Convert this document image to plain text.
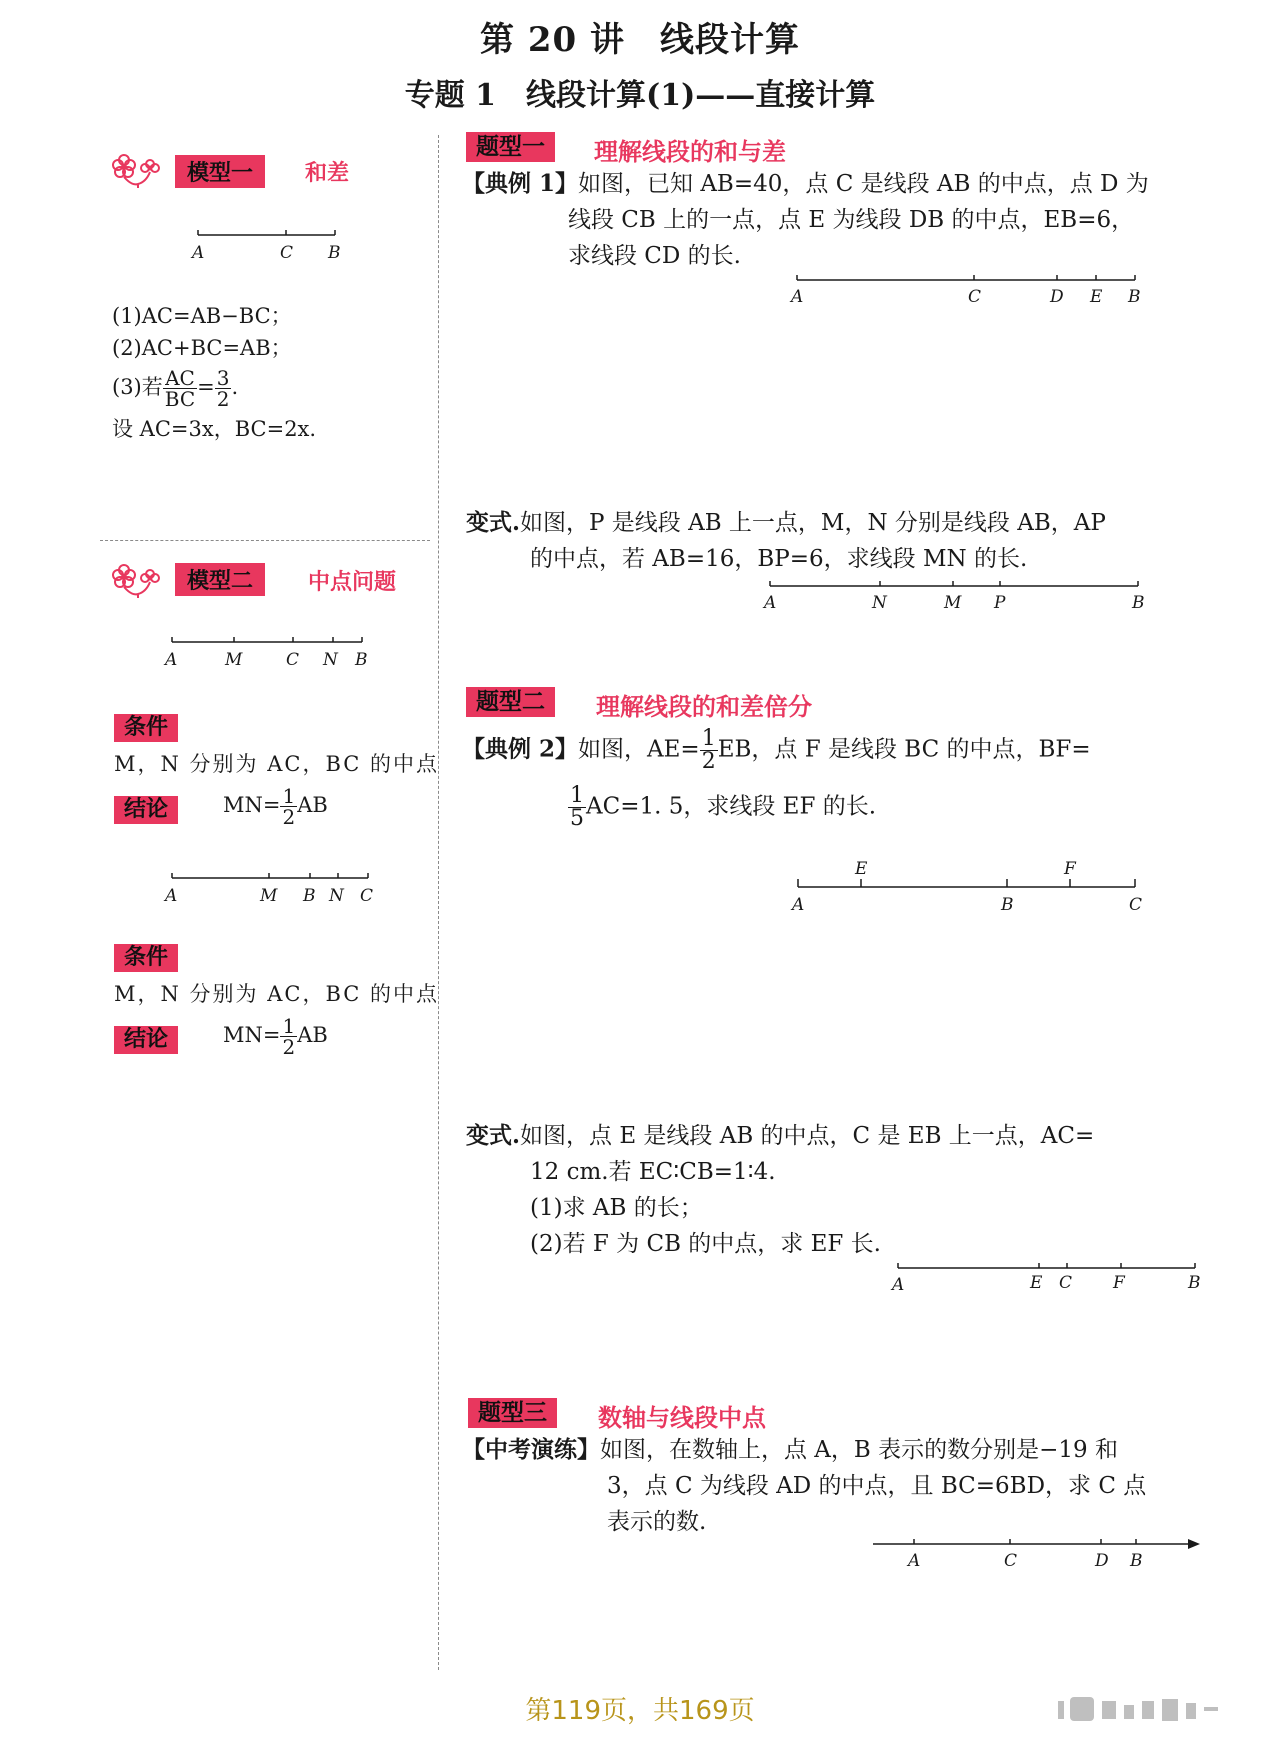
第 20 讲　线段计算
专题 1　线段计算(1)——直接计算
模型一	和差
A	C B
(1)AC=AB−BC；
(2)AC+BC=AB；
(3)若 $\frac{AC}{BC} = \frac{3}{2}$ .
设 AC=3x，BC=2x.
模型二	中点问题
A	M	C N B
条件
M，N 分别为 AC，BC 的中点
结论	$MN= \frac{1}{2}$ AB
A	M B N C
条件
M，N 分别为 AC，BC 的中点
结论	$MN= \frac{1}{2}$ AB
题型一	理解线段的和与差
【典例 1】如图，已知 AB=40，点 C 是线段 AB 的中点，点 D 为
线段 CB 上的一点，点 E 为线段 DB 的中点，EB=6，
求线段 CD 的长.
A	C	D E B
变式.如图，P 是线段 AB 上一点，M，N 分别是线段 AB，AP
的中点，若 AB=16，BP=6，求线段 MN 的长.
A	N	M P	B
题型二	理解线段的和差倍分
【典例 2】如图，$AE= \frac{1}{2}$ EB，点 F 是线段 BC 的中点，BF=
$\frac{1}{5} AC=1$. 5，求线段 EF 的长.
E	F
A	B	C
变式.如图，点 E 是线段 AB 的中点，C 是 EB 上一点，AC=
12 cm.若 EC∶CB=1∶4.
(1)求 AB 的长；
(2)若 F 为 CB 的中点，求 EF 长.
A	E C F	B
题型三	数轴与线段中点
【中考演练】如图，在数轴上，点 A，B 表示的数分别是−19 和
3，点 C 为线段 AD 的中点，且 BC=6BD，求 C 点
表示的数.
A	C	D B
第119页，共169页
